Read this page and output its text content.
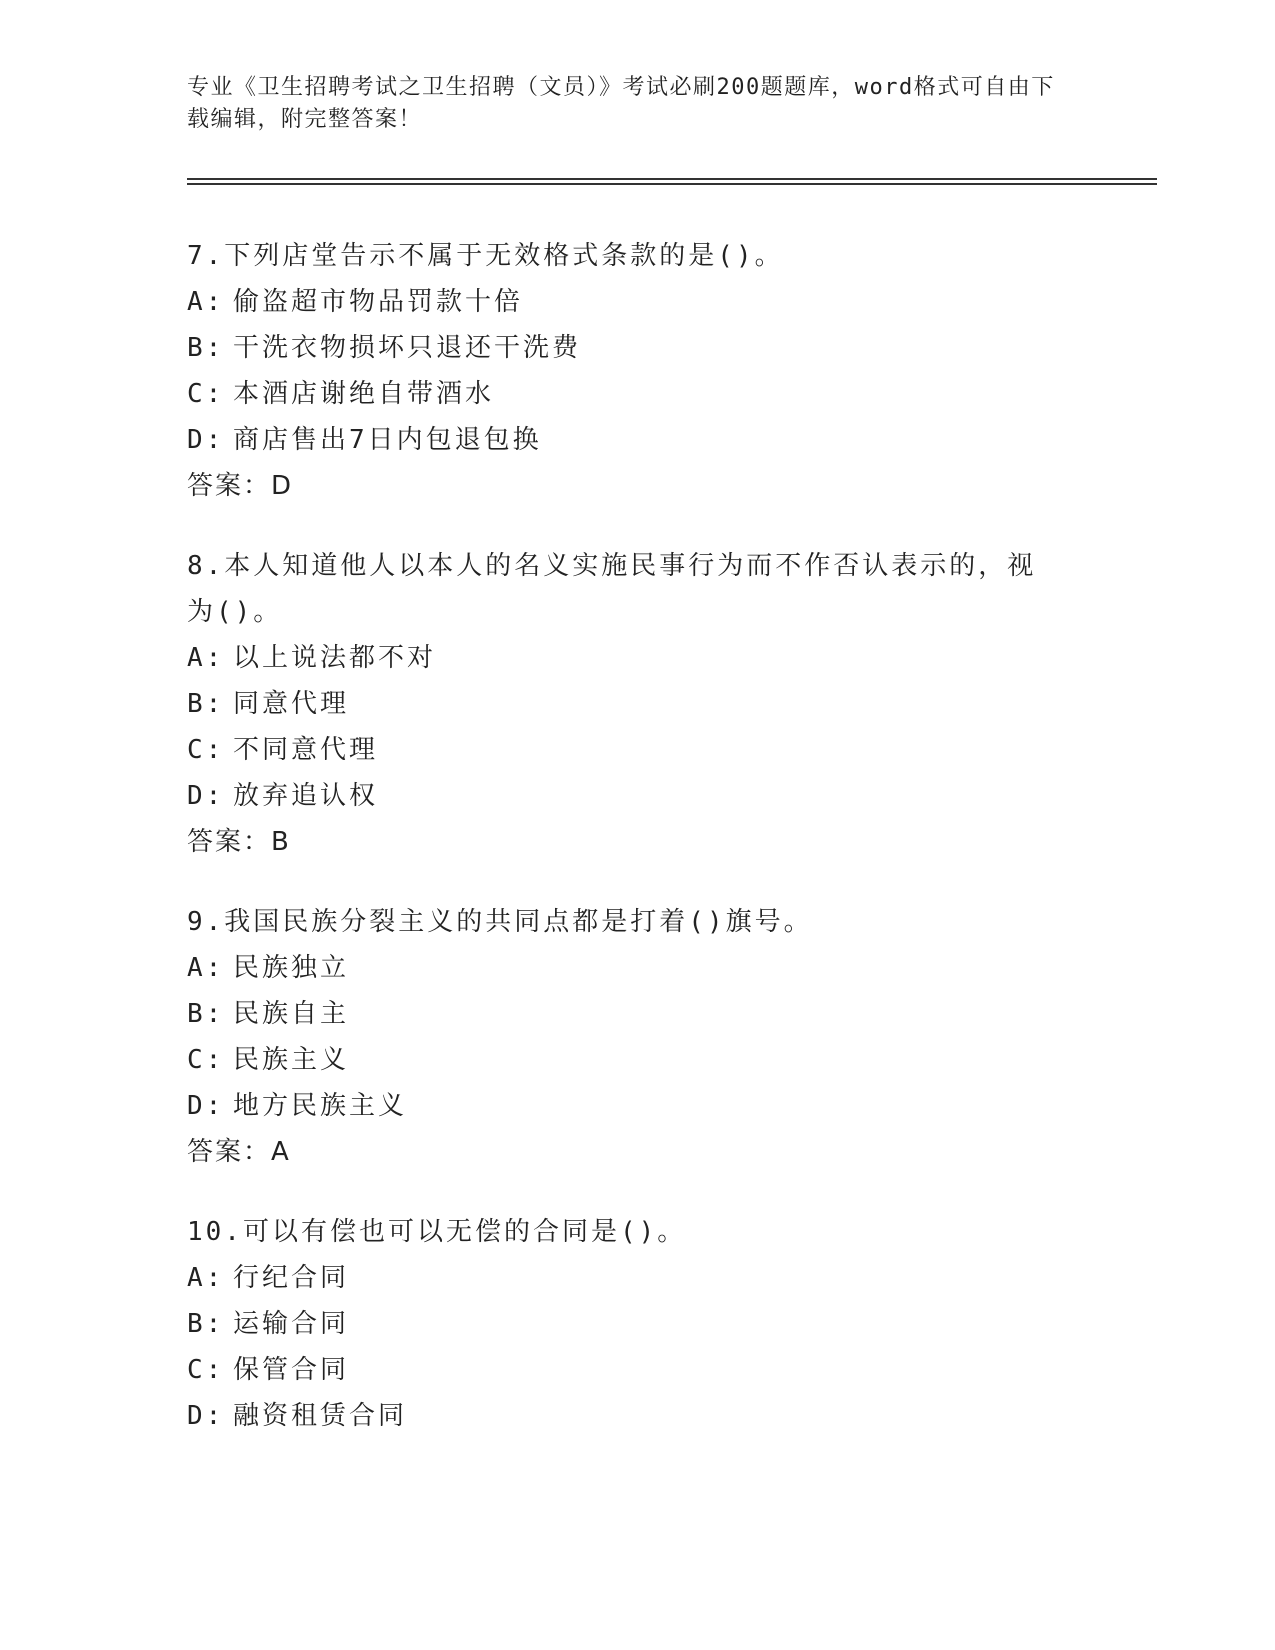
专业《卫生招聘考试之卫生招聘（文员）》考试必刷200题题库，word格式可自由下载编辑，附完整答案！
7.下列店堂告示不属于无效格式条款的是()。
A: 偷盗超市物品罚款十倍
B: 干洗衣物损坏只退还干洗费
C: 本酒店谢绝自带酒水
D: 商店售出7日内包退包换
答案：D
8.本人知道他人以本人的名义实施民事行为而不作否认表示的，视为()。
A: 以上说法都不对
B: 同意代理
C: 不同意代理
D: 放弃追认权
答案：B
9.我国民族分裂主义的共同点都是打着()旗号。
A: 民族独立
B: 民族自主
C: 民族主义
D: 地方民族主义
答案：A
10.可以有偿也可以无偿的合同是()。
A: 行纪合同
B: 运输合同
C: 保管合同
D: 融资租赁合同
